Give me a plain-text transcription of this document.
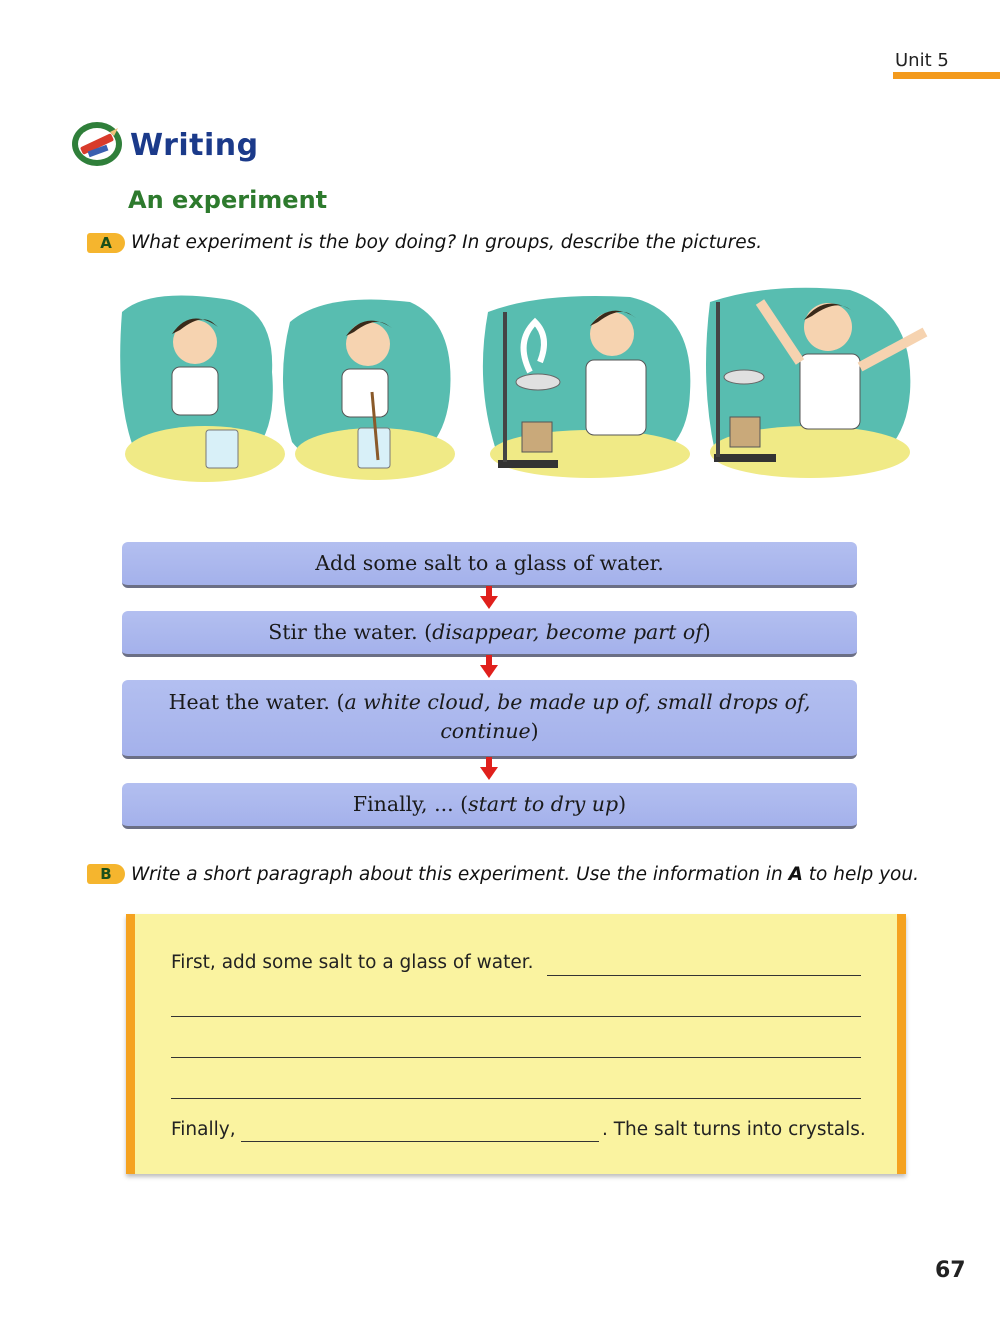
Unit 5
Writing
An experiment
A	What experiment is the boy doing? In groups, describe the pictures.
Add some salt to a glass of water.
Stir the water. (disappear, become part of)
Heat the water. (a white cloud, be made up of, small drops of, continue)
Finally, ... (start to dry up)
B	Write a short paragraph about this experiment. Use the information in A to help you.
First, add some salt to a glass of water.
Finally,	. The salt turns into crystals.
67
